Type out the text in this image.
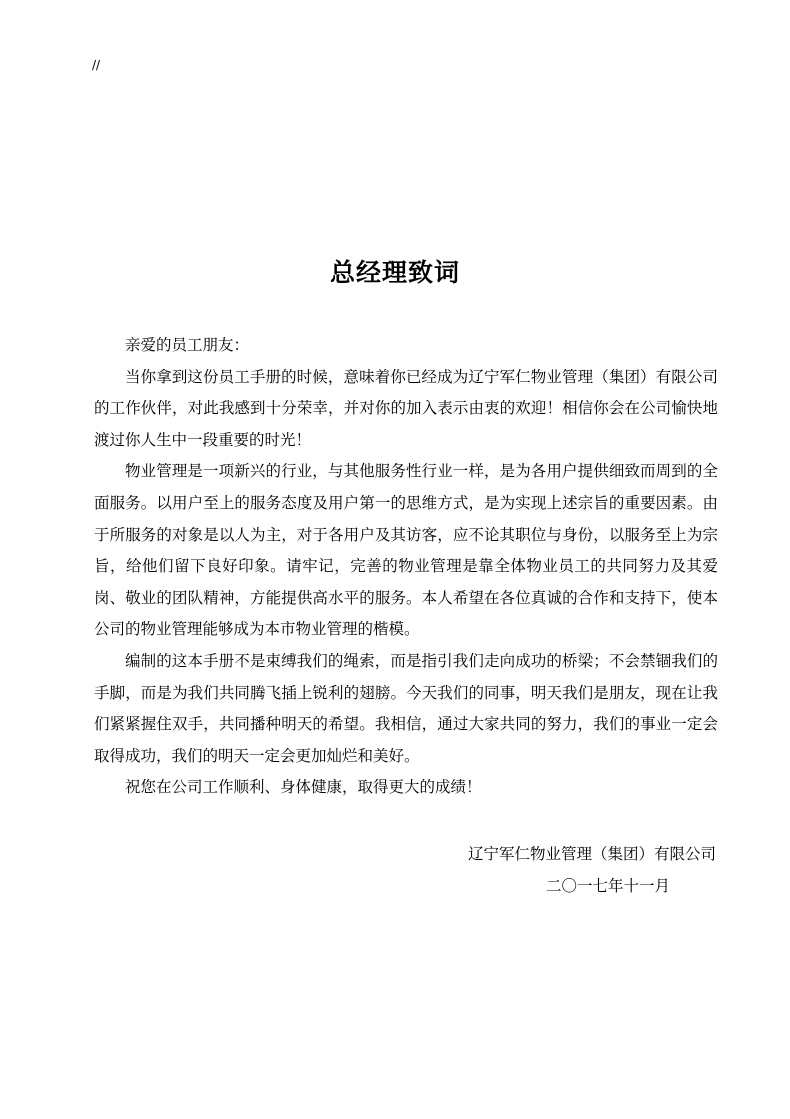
//
总经理致词

亲爱的员工朋友：

当你拿到这份员工手册的时候，意味着你已经成为辽宁军仁物业管理（集团）有限公司的工作伙伴，对此我感到十分荣幸，并对你的加入表示由衷的欢迎！相信你会在公司愉快地渡过你人生中一段重要的时光！

物业管理是一项新兴的行业，与其他服务性行业一样，是为各用户提供细致而周到的全面服务。以用户至上的服务态度及用户第一的思维方式，是为实现上述宗旨的重要因素。由于所服务的对象是以人为主，对于各用户及其访客，应不论其职位与身份，以服务至上为宗旨，给他们留下良好印象。请牢记，完善的物业管理是靠全体物业员工的共同努力及其爱岗、敬业的团队精神，方能提供高水平的服务。本人希望在各位真诚的合作和支持下，使本公司的物业管理能够成为本市物业管理的楷模。

编制的这本手册不是束缚我们的绳索，而是指引我们走向成功的桥梁；不会禁锢我们的手脚，而是为我们共同腾飞插上锐利的翅膀。今天我们的同事，明天我们是朋友，现在让我们紧紧握住双手，共同播种明天的希望。我相信，通过大家共同的努力，我们的事业一定会取得成功，我们的明天一定会更加灿烂和美好。

祝您在公司工作顺利、身体健康，取得更大的成绩！

辽宁军仁物业管理（集团）有限公司
二〇一七年十一月
